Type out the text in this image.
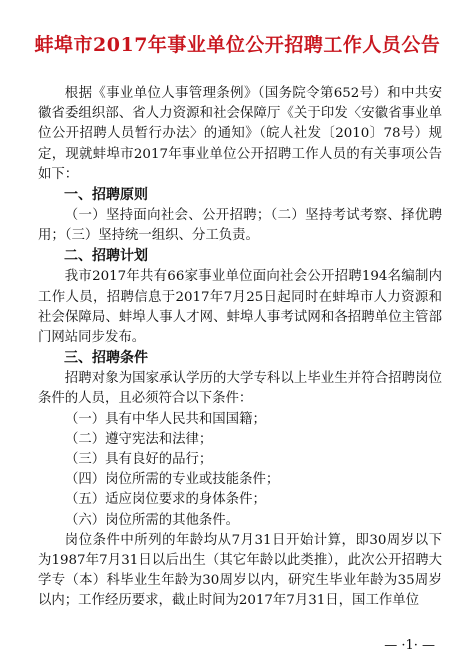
蚌埠市2017年事业单位公开招聘工作人员公告

根据《事业单位人事管理条例》（国务院令第652号）和中共安徽省委组织部、省人力资源和社会保障厅《关于印发〈安徽省事业单位公开招聘人员暂行办法〉的通知》（皖人社发〔2010〕78号）规定，现就蚌埠市2017年事业单位公开招聘工作人员的有关事项公告如下：

一、招聘原则

（一）坚持面向社会、公开招聘；（二）坚持考试考察、择优聘用；（三）坚持统一组织、分工负责。

二、招聘计划

我市2017年共有66家事业单位面向社会公开招聘194名编制内工作人员，招聘信息于2017年7月25日起同时在蚌埠市人力资源和社会保障局、蚌埠人事人才网、蚌埠人事考试网和各招聘单位主管部门网站同步发布。

三、招聘条件

招聘对象为国家承认学历的大学专科以上毕业生并符合招聘岗位条件的人员，且必须符合以下条件：

（一）具有中华人民共和国国籍；

（二）遵守宪法和法律；

（三）具有良好的品行；

（四）岗位所需的专业或技能条件；

（五）适应岗位要求的身体条件；

（六）岗位所需的其他条件。

岗位条件中所列的年龄均从7月31日开始计算，即30周岁以下为1987年7月31日以后出生（其它年龄以此类推），此次公开招聘大学专（本）科毕业生年龄为30周岁以内，研究生毕业年龄为35周岁以内；工作经历要求，截止时间为2017年7月31日，国工作单位

— ·1· —
